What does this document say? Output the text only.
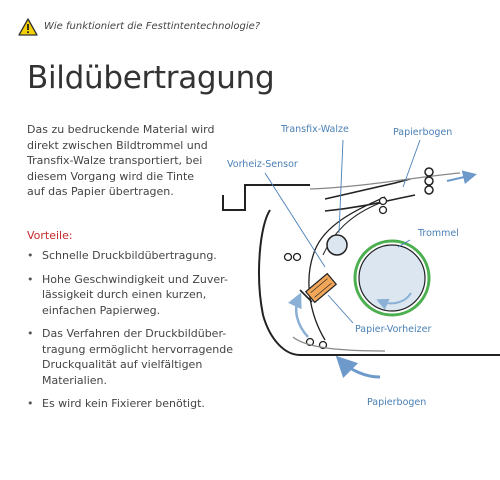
Wie funktioniert die Festtintentechnologie?
Bildübertragung
Das zu bedruckende Material wird
direkt zwischen Bildtrommel und
Transfix-Walze transportiert, bei
diesem Vorgang wird die Tinte
auf das Papier übertragen.
Vorteile:
• Schnelle Druckbildübertragung.
• Hohe Geschwindigkeit und Zuver-
lässigkeit durch einen kurzen,
einfachen Papierweg.
• Das Verfahren der Druckbildüber-
tragung ermöglicht hervorragende
Druckqualität auf vielfältigen
Materialien.
• Es wird kein Fixierer benötigt.
Transfix-Walze	Papierbogen
Vorheiz-Sensor
Trommel
Papier-Vorheizer
Papierbogen
